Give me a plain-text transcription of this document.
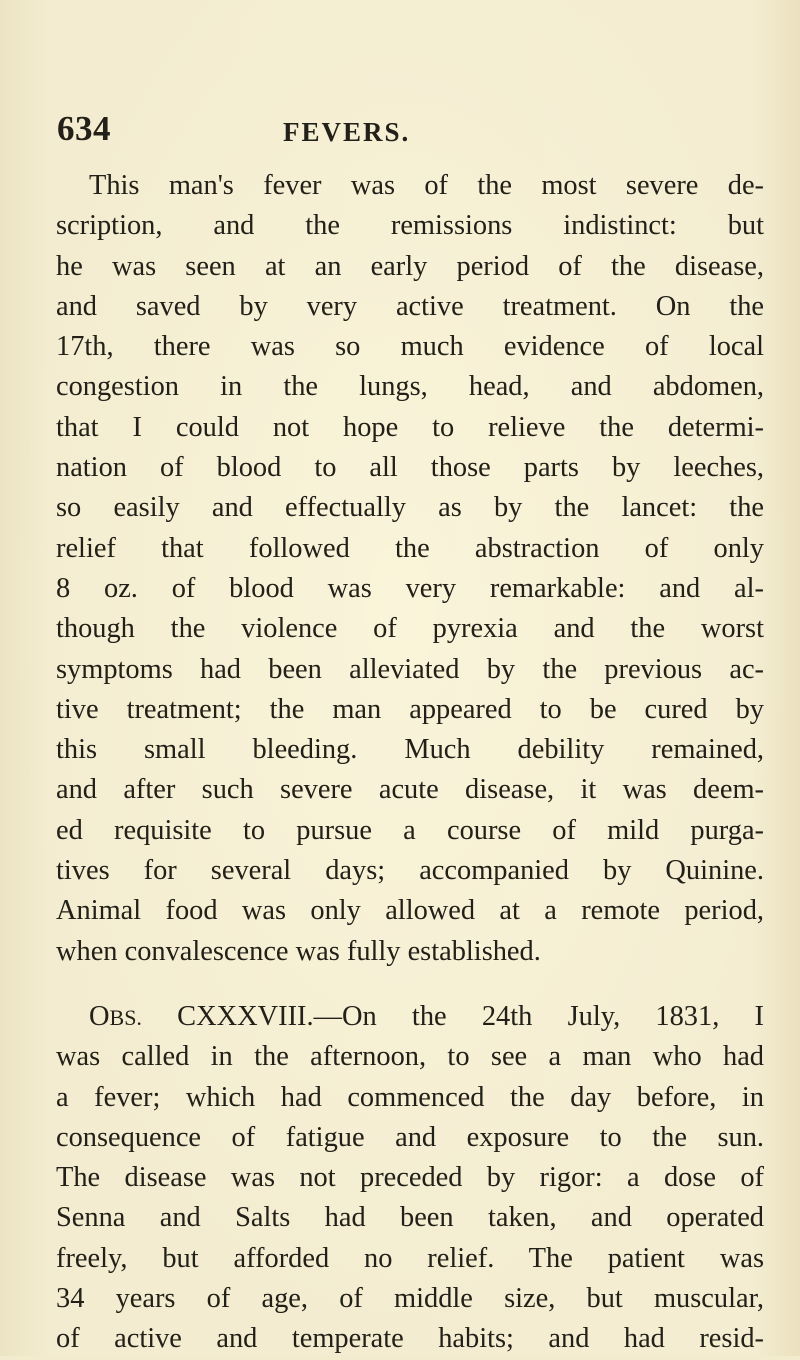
634	FEVERS.
This man's fever was of the most severe de-
scription, and the remissions indistinct: but
he was seen at an early period of the disease,
and saved by very active treatment. On the
17th, there was so much evidence of local
congestion in the lungs, head, and abdomen,
that I could not hope to relieve the determi-
nation of blood to all those parts by leeches,
so easily and effectually as by the lancet: the
relief that followed the abstraction of only
8 oz. of blood was very remarkable: and al-
though the violence of pyrexia and the worst
symptoms had been alleviated by the previous ac-
tive treatment; the man appeared to be cured by
this small bleeding. Much debility remained,
and after such severe acute disease, it was deem-
ed requisite to pursue a course of mild purga-
tives for several days; accompanied by Quinine.
Animal food was only allowed at a remote period,
when convalescence was fully established.
OBS. CXXXVIII.—On the 24th July, 1831, I
was called in the afternoon, to see a man who had
a fever; which had commenced the day before, in
consequence of fatigue and exposure to the sun.
The disease was not preceded by rigor: a dose of
Senna and Salts had been taken, and operated
freely, but afforded no relief. The patient was
34 years of age, of middle size, but muscular,
of active and temperate habits; and had resid-
